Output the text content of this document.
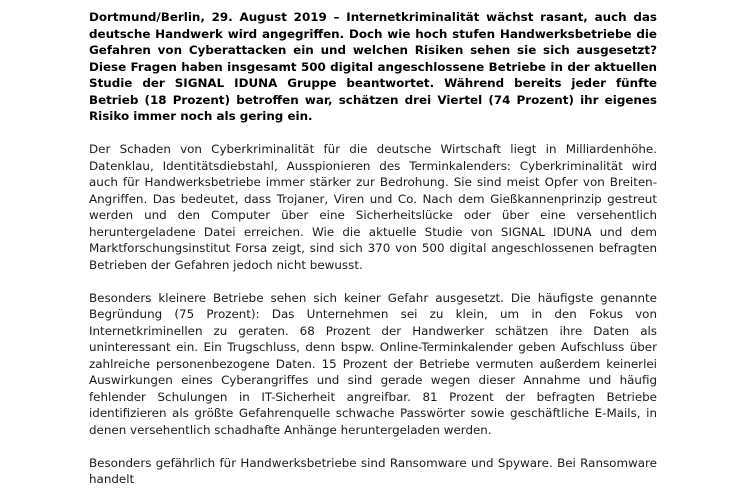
Dortmund/Berlin, 29. August 2019 – Internetkriminalität wächst rasant, auch das deutsche Handwerk wird angegriffen. Doch wie hoch stufen Handwerksbetriebe die Gefahren von Cyberattacken ein und welchen Risiken sehen sie sich ausgesetzt? Diese Fragen haben insgesamt 500 digital angeschlossene Betriebe in der aktuellen Studie der SIGNAL IDUNA Gruppe beantwortet. Während bereits jeder fünfte Betrieb (18 Prozent) betroffen war, schätzen drei Viertel (74 Prozent) ihr eigenes Risiko immer noch als gering ein.

Der Schaden von Cyberkriminalität für die deutsche Wirtschaft liegt in Milliardenhöhe. Datenklau, Identitätsdiebstahl, Ausspionieren des Terminkalenders: Cyberkriminalität wird auch für Handwerksbetriebe immer stärker zur Bedrohung. Sie sind meist Opfer von Breiten-Angriffen. Das bedeutet, dass Trojaner, Viren und Co. Nach dem Gießkannenprinzip gestreut werden und den Computer über eine Sicherheitslücke oder über eine versehentlich heruntergeladene Datei erreichen. Wie die aktuelle Studie von SIGNAL IDUNA und dem Marktforschungsinstitut Forsa zeigt, sind sich 370 von 500 digital angeschlossenen befragten Betrieben der Gefahren jedoch nicht bewusst.

Besonders kleinere Betriebe sehen sich keiner Gefahr ausgesetzt. Die häufigste genannte Begründung (75 Prozent): Das Unternehmen sei zu klein, um in den Fokus von Internetkriminellen zu geraten. 68 Prozent der Handwerker schätzen ihre Daten als uninteressant ein. Ein Trugschluss, denn bspw. Online-Terminkalender geben Aufschluss über zahlreiche personenbezogene Daten. 15 Prozent der Betriebe vermuten außerdem keinerlei Auswirkungen eines Cyberangriffes und sind gerade wegen dieser Annahme und häufig fehlender Schulungen in IT-Sicherheit angreifbar. 81 Prozent der befragten Betriebe identifizieren als größte Gefahrenquelle schwache Passwörter sowie geschäftliche E-Mails, in denen versehentlich schadhafte Anhänge heruntergeladen werden.

Besonders gefährlich für Handwerksbetriebe sind Ransomware und Spyware. Bei Ransomware handelt
